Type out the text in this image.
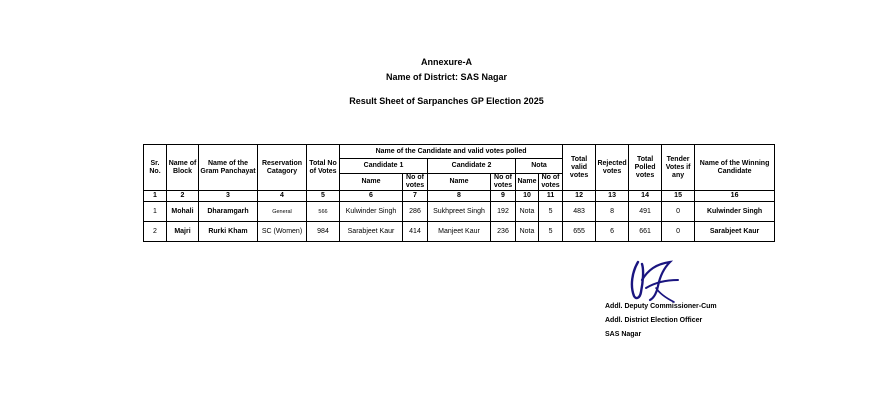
Annexure-A
Name of District: SAS Nagar
Result Sheet of Sarpanches GP Election 2025
Sr. No.	Name of Block	Name of the Gram Panchayat	Reservation Catagory	Total No of Votes	Name of the Candidate and valid votes polled						Total valid votes	Rejected votes	Total Polled votes	Tender Votes if any	Name of the Winning Candidate
					Candidate 1		Candidate 2		Nota						
					Name	No of votes	Name	No of votes	Name	No of votes					
1	2	3	4	5	6	7	8	9	10	11	12	13	14	15	16
1	Mohali	Dharamgarh	General	566	Kulwinder Singh	286	Sukhpreet Singh	192	Nota	5	483	8	491	0	Kulwinder Singh
2	Majri	Rurki Kham	SC (Women)	984	Sarabjeet Kaur	414	Manjeet Kaur	236	Nota	5	655	6	661	0	Sarabjeet Kaur
Addl. Deputy Commissioner-Cum
Addl. District Election Officer
SAS Nagar
